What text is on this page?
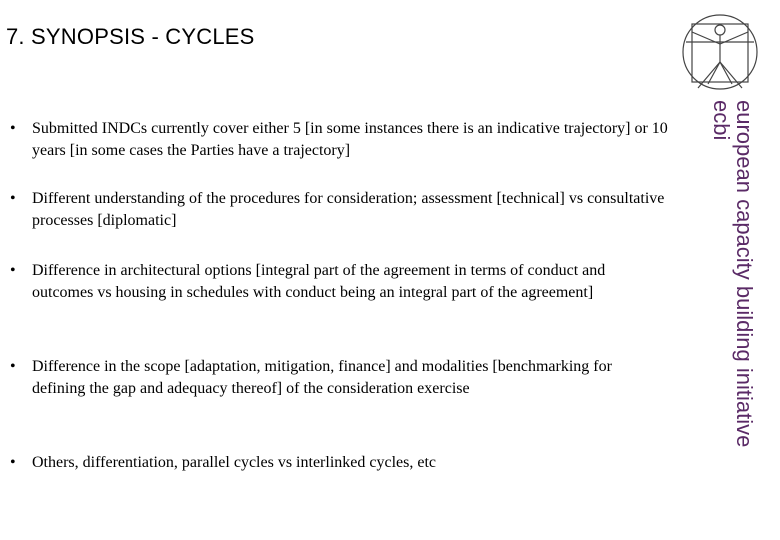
7. SYNOPSIS - CYCLES
•	Submitted INDCs currently cover either 5 [in some instances there is an indicative trajectory] or 10 years [in some cases the Parties have a trajectory]
•	Different understanding of the procedures for consideration; assessment [technical] vs consultative processes [diplomatic]
•	Difference in architectural options [integral part of the agreement in terms of conduct and outcomes vs housing in schedules with conduct being an integral part of the agreement]
•	Difference in the scope [adaptation, mitigation, finance] and modalities [benchmarking for defining the gap and adequacy thereof] of the consideration exercise
•	Others, differentiation, parallel cycles vs interlinked cycles, etc
european capacity building initiative
ecbi
